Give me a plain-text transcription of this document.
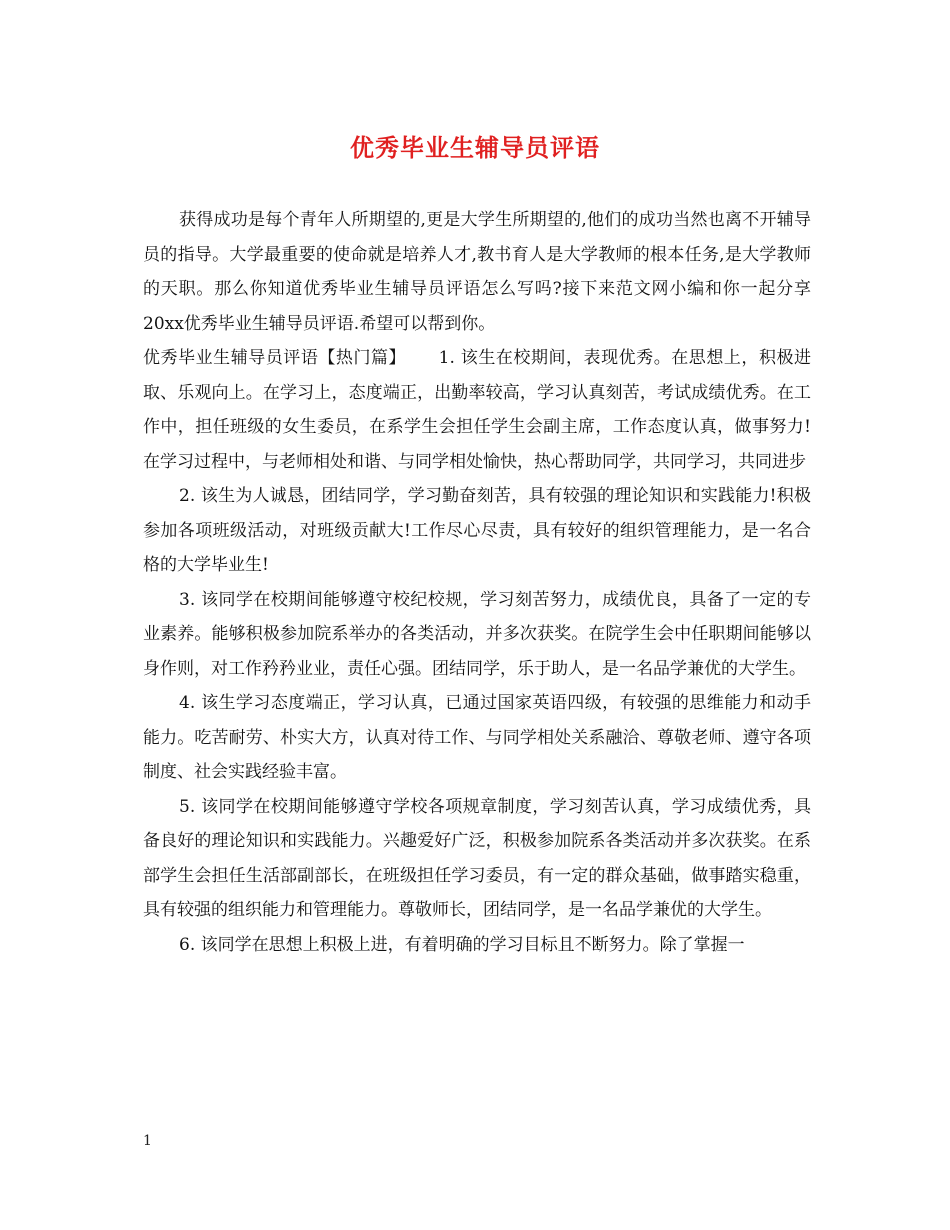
优秀毕业生辅导员评语

获得成功是每个青年人所期望的,更是大学生所期望的,他们的成功当然也离不开辅导员的指导。大学最重要的使命就是培养人才,教书育人是大学教师的根本任务,是大学教师的天职。那么你知道优秀毕业生辅导员评语怎么写吗?接下来范文网小编和你一起分享20xx优秀毕业生辅导员评语.希望可以帮到你。

优秀毕业生辅导员评语【热门篇】　　 1. 该生在校期间，表现优秀。在思想上，积极进取、乐观向上。在学习上，态度端正，出勤率较高，学习认真刻苦，考试成绩优秀。在工作中，担任班级的女生委员，在系学生会担任学生会副主席，工作态度认真，做事努力!在学习过程中，与老师相处和谐、与同学相处愉快，热心帮助同学，共同学习，共同进步

2. 该生为人诚恳，团结同学，学习勤奋刻苦，具有较强的理论知识和实践能力!积极参加各项班级活动，对班级贡献大!工作尽心尽责，具有较好的组织管理能力，是一名合格的大学毕业生!

3. 该同学在校期间能够遵守校纪校规，学习刻苦努力，成绩优良，具备了一定的专业素养。能够积极参加院系举办的各类活动，并多次获奖。在院学生会中任职期间能够以身作则，对工作矜矜业业，责任心强。团结同学，乐于助人，是一名品学兼优的大学生。

4. 该生学习态度端正，学习认真，已通过国家英语四级，有较强的思维能力和动手能力。吃苦耐劳、朴实大方，认真对待工作、与同学相处关系融洽、尊敬老师、遵守各项制度、社会实践经验丰富。

5. 该同学在校期间能够遵守学校各项规章制度，学习刻苦认真，学习成绩优秀，具备良好的理论知识和实践能力。兴趣爱好广泛，积极参加院系各类活动并多次获奖。在系部学生会担任生活部副部长，在班级担任学习委员，有一定的群众基础，做事踏实稳重，具有较强的组织能力和管理能力。尊敬师长，团结同学，是一名品学兼优的大学生。

6. 该同学在思想上积极上进，有着明确的学习目标且不断努力。除了掌握一

1
